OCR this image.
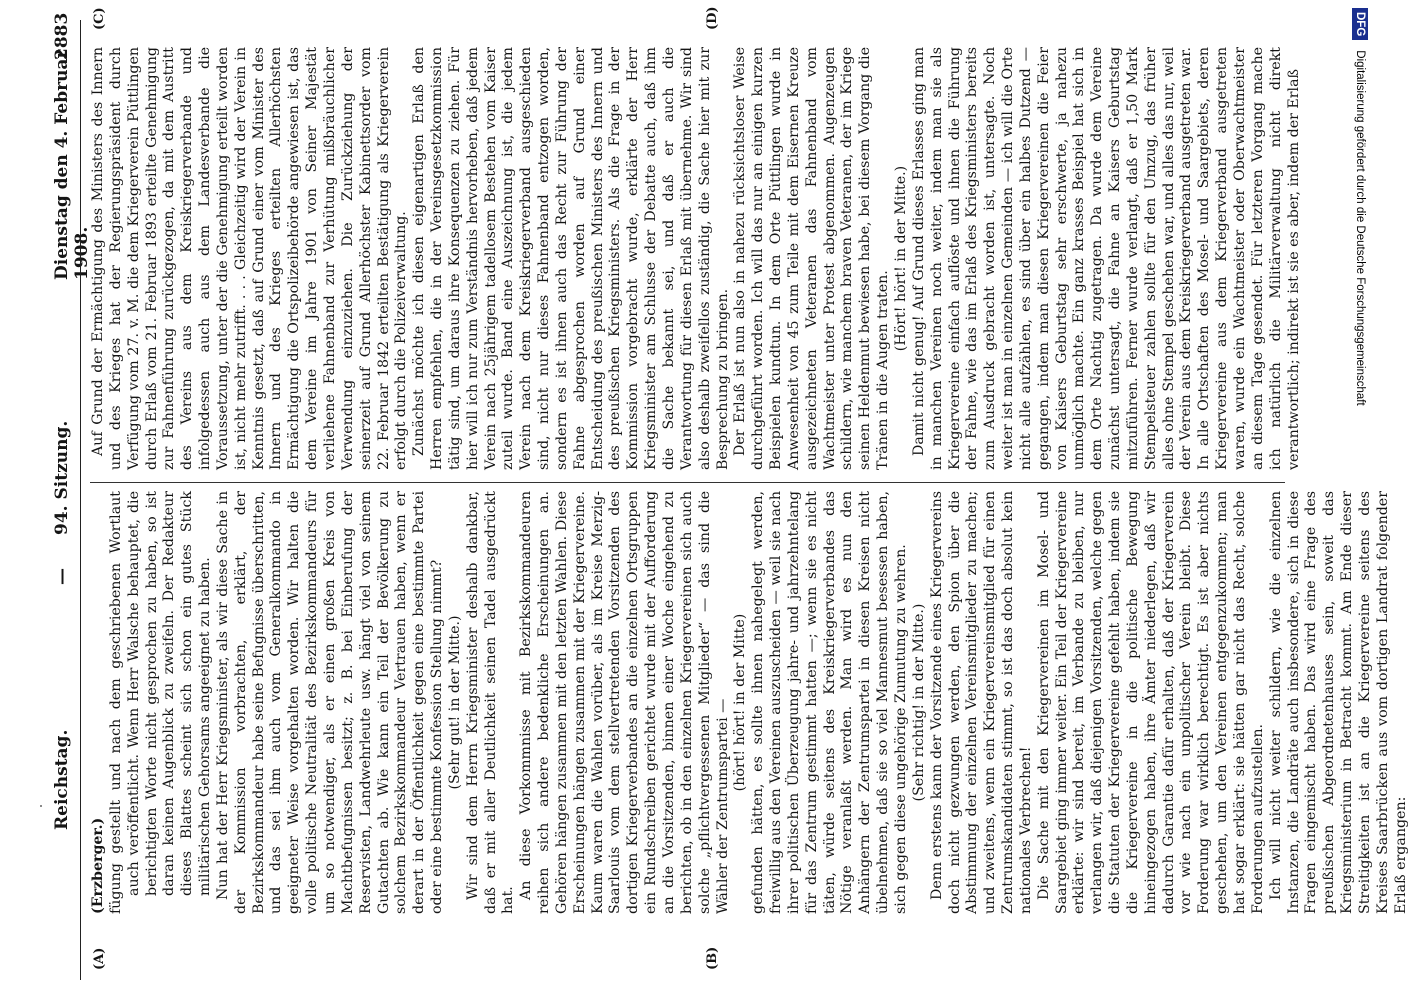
Reichstag.
—
94. Sitzung.
Dienstag den 4. Februar 1908.
2883
(A)	(B)
(C)	(D)

(Erzberger.) fügung gestellt und nach dem geschriebenen Wortlaut auch veröffentlicht. Wenn Herr Walsche behauptet, die berichtigten Worte nicht gesprochen zu haben, so ist daran keinen Augenblick zu zweifeln. Der Redakteur dieses Blattes scheint sich schon ein gutes Stück militärischen Gehorsams angeeignet zu haben. Nun hat der Herr Kriegsminister, als wir diese Sache in der Kommission vorbrachten, erklärt, der Bezirkskommandeur habe seine Befugnisse überschritten, und das sei ihm auch vom Generalkommando in geeigneter Weise vorgehalten worden. Wir halten die volle politische Neutralität des Bezirkskommandeurs für um so notwendiger, als er einen großen Kreis von Machtbefugnissen besitzt; z. B. bei Einberufung der Reservisten, Landwehrleute usw. hängt viel von seinem Gutachten ab. Wie kann ein Teil der Bevölkerung zu solchem Bezirkskommandeur Vertrauen haben, wenn er derart in der Öffentlichkeit gegen eine bestimmte Partei oder eine bestimmte Konfession Stellung nimmt? (Sehr gut! in der Mitte.) Wir sind dem Herrn Kriegsminister deshalb dankbar, daß er mit aller Deutlichkeit seinen Tadel ausgedrückt hat.

An diese Vorkommnisse mit Bezirkskommandeuren reihen sich andere bedenkliche Erscheinungen an. Gehören hängen zusammen mit den letzten Wahlen. Diese Erscheinungen hängen zusammen mit der Kriegervereine. Kaum waren die Wahlen vorüber, als im Kreise Merzig-Saarlouis vom dem stellvertretenden Vorsitzenden des dortigen Kriegerverbandes an die einzelnen Ortsgruppen ein Rundschreiben gerichtet wurde mit der Aufforderung an die Vorsitzenden, binnen einer Woche eingehend zu berichten, ob in den einzelnen Kriegervereinen sich auch solche „pflichtvergessenen Mitglieder“ — das sind die Wähler der Zentrumspartei — (hört! hört! in der Mitte) gefunden hätten, es sollte ihnen nahegelegt werden, freiwillig aus den Vereinen auszuscheiden — weil sie nach ihrer politischen Überzeugung jahre- und jahrzehntelang für das Zentrum gestimmt hatten —; wenn sie es nicht täten, würde seitens des Kreiskriegerverbandes das Nötige veranlaßt werden. Man wird es nun den Anhängern der Zentrumspartei in diesen Kreisen nicht übelnehmen, daß sie so viel Mannesmut besessen haben, sich gegen diese ungehörige Zumutung zu wehren. (Sehr richtig! in der Mitte.) Denn erstens kann der Vorsitzende eines Kriegervereins doch nicht gezwungen werden, den Spion über die Abstimmung der einzelnen Vereinsmitglieder zu machen; und zweitens, wenn ein Kriegervereinsmitglied für einen Zentrumskandidaten stimmt, so ist das doch absolut kein nationales Verbrechen! Die Sache mit den Kriegervereinen im Mosel- und Saargebiet ging immer weiter. Ein Teil der Kriegervereine erklärte: wir sind bereit, im Verbande zu bleiben, nur verlangen wir, daß diejenigen Vorsitzenden, welche gegen die Statuten der Kriegervereine gefehlt haben, indem sie die Kriegervereine in die politische Bewegung hineingezogen haben, ihre Ämter niederlegen, daß wir dadurch Garantie dafür erhalten, daß der Kriegerverein vor wie nach ein unpolitischer Verein bleibt. Diese Forderung war wirklich berechtigt. Es ist aber nichts geschehen, um den Vereinen entgegenzukommen; man hat sogar erklärt: sie hätten gar nicht das Recht, solche Forderungen aufzustellen. Ich will nicht weiter schildern, wie die einzelnen Instanzen, die Landräte auch insbesondere, sich in diese Fragen eingemischt haben. Das wird eine Frage des preußischen Abgeordnetenhauses sein, soweit das Kriegsministerium in Betracht kommt. Am Ende dieser Streitigkeiten ist an die Kriegervereine seitens des Kreises Saarbrücken aus vom dortigen Landrat folgender Erlaß ergangen:

Auf Grund der Ermächtigung des Ministers des Innern und des Krieges hat der Regierungspräsident durch Verfügung vom 27. v. M. die dem Kriegerverein Püttlingen durch Erlaß vom 21. Februar 1893 erteilte Genehmigung zur Fahnenführung zurückgezogen, da mit dem Austritt des Vereins aus dem Kreiskriegerverbande und infolgedessen auch aus dem Landesverbande die Voraussetzung, unter der die Genehmigung erteilt worden ist, nicht mehr zutrifft. . . . Gleichzeitig wird der Verein in Kenntnis gesetzt, daß auf Grund einer vom Minister des Innern und des Krieges erteilten Allerhöchsten Ermächtigung die Ortspolizeibehörde angewiesen ist, das dem Vereine im Jahre 1901 von Seiner Majestät verliehene Fahnenband zur Verhütung mißbräuchlicher Verwendung einzuziehen. Die Zurückziehung der seinerzeit auf Grund Allerhöchster Kabinettsorder vom 22. Februar 1842 erteilten Bestätigung als Kriegerverein erfolgt durch die Polizeiverwaltung. Zunächst möchte ich diesen eigenartigen Erlaß den Herren empfehlen, die in der Vereinsgesetzkommission tätig sind, um daraus ihre Konsequenzen zu ziehen. Für hier will ich nur zum Verständnis hervorheben, daß jedem Verein nach 25jährigem tadellosem Bestehen vom Kaiser zuteil wurde. Band eine Auszeichnung ist, die jedem Verein nach dem Kreiskriegerverband ausgeschieden sind, nicht nur dieses Fahnenband entzogen worden, sondern es ist ihnen auch das Recht zur Führung der Fahne abgesprochen worden auf Grund einer Entscheidung des preußischen Ministers des Innern und des preußischen Kriegsministers. Als die Frage in der Kommission vorgebracht wurde, erklärte der Herr Kriegsminister am Schlusse der Debatte auch, daß ihm die Sache bekannt sei, und daß er auch die Verantwortung für diesen Erlaß mit übernehme. Wir sind also deshalb zweifellos zuständig, die Sache hier mit zur Besprechung zu bringen. Der Erlaß ist nun also in nahezu rücksichtsloser Weise durchgeführt worden. Ich will das nur an einigen kurzen Beispielen kundtun. In dem Orte Püttlingen wurde in Anwesenheit von 45 zum Teile mit dem Eisernen Kreuze ausgezeichneten Veteranen das Fahnenband vom Wachtmeister unter Protest abgenommen. Augenzeugen schildern, wie manchem braven Veteranen, der im Kriege seinen Heldenmut bewiesen habe, bei diesem Vorgang die Tränen in die Augen traten.

(Hört! hört! in der Mitte.) Damit nicht genug! Auf Grund dieses Erlasses ging man in manchen Vereinen noch weiter, indem man sie als Kriegervereine einfach auflöste und ihnen die Führung der Fahne, wie das im Erlaß des Kriegsministers bereits zum Ausdruck gebracht worden ist, untersagte. Noch weiter ist man in einzelnen Gemeinden — ich will die Orte nicht alle aufzählen, es sind über ein halbes Dutzend — gegangen, indem man diesen Kriegervereinen die Feier von Kaisers Geburtstag sehr erschwerte, ja nahezu unmöglich machte. Ein ganz krasses Beispiel hat sich in dem Orte Nachtig zugetragen. Da wurde dem Vereine zunächst untersagt, die Fahne an Kaisers Geburtstag mitzuführen. Ferner wurde verlangt, daß er 1,50 Mark Stempelsteuer zahlen sollte für den Umzug, das früher alles ohne Stempel geschehen war, und alles das nur, weil der Verein aus dem Kreiskriegerverband ausgetreten war. In alle Ortschaften des Mosel- und Saargebiets, deren Kriegervereine aus dem Kriegerverband ausgetreten waren, wurde ein Wachtmeister oder Oberwachtmeister an diesem Tage gesendet. Für letzteren Vorgang mache ich natürlich die Militärverwaltung nicht direkt verantwortlich; indirekt ist sie es aber, indem der Erlaß

DFGDigitalisierung gefördert durch die Deutsche Forschungsgemeinschaft
